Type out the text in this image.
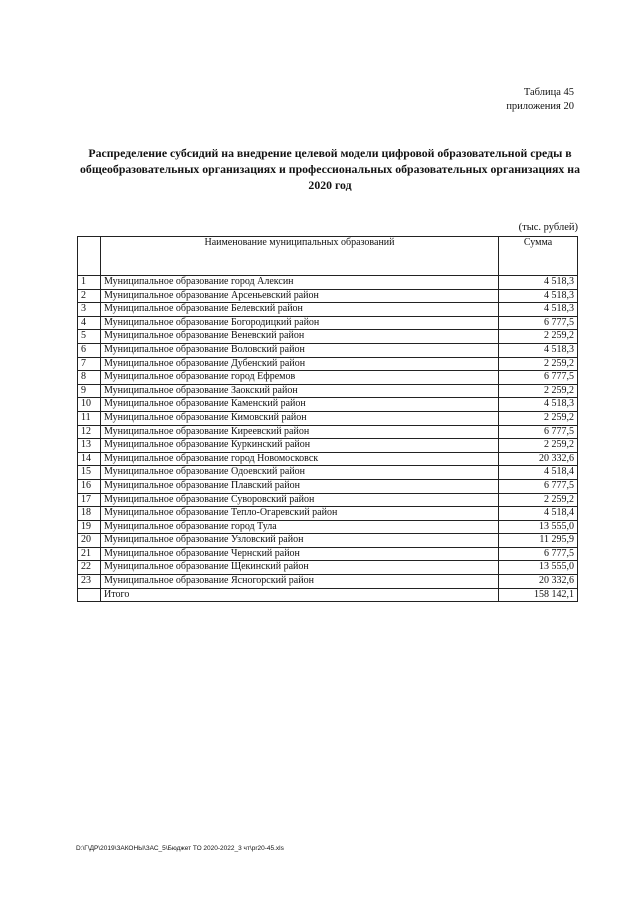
Таблица 45
приложения 20
Распределение субсидий на внедрение целевой модели цифровой образовательной среды в общеобразовательных организациях и профессиональных образовательных организациях на 2020 год
(тыс. рублей)
	Наименование муниципальных образований	Сумма
1	Муниципальное образование город Алексин	4 518,3
2	Муниципальное образование Арсеньевский район	4 518,3
3	Муниципальное образование Белевский район	4 518,3
4	Муниципальное образование Богородицкий район	6 777,5
5	Муниципальное образование Веневский район	2 259,2
6	Муниципальное образование Воловский район	4 518,3
7	Муниципальное образование Дубенский район	2 259,2
8	Муниципальное образование город Ефремов	6 777,5
9	Муниципальное образование Заокский район	2 259,2
10	Муниципальное образование Каменский район	4 518,3
11	Муниципальное образование Кимовский район	2 259,2
12	Муниципальное образование Киреевский район	6 777,5
13	Муниципальное образование Куркинский район	2 259,2
14	Муниципальное образование город Новомосковск	20 332,6
15	Муниципальное образование Одоевский район	4 518,4
16	Муниципальное образование Плавский район	6 777,5
17	Муниципальное образование Суворовский район	2 259,2
18	Муниципальное образование Тепло-Огаревский район	4 518,4
19	Муниципальное образование город Тула	13 555,0
20	Муниципальное образование Узловский район	11 295,9
21	Муниципальное образование Чернский район	6 777,5
22	Муниципальное образование Щекинский район	13 555,0
23	Муниципальное образование Ясногорский район	20 332,6
	Итого	158 142,1
D:\Г\ДР\2019\ЗАКОНЫ\ЗАС_5\Бюджет ТО 2020-2022_3 чт\pr20-45.xls
